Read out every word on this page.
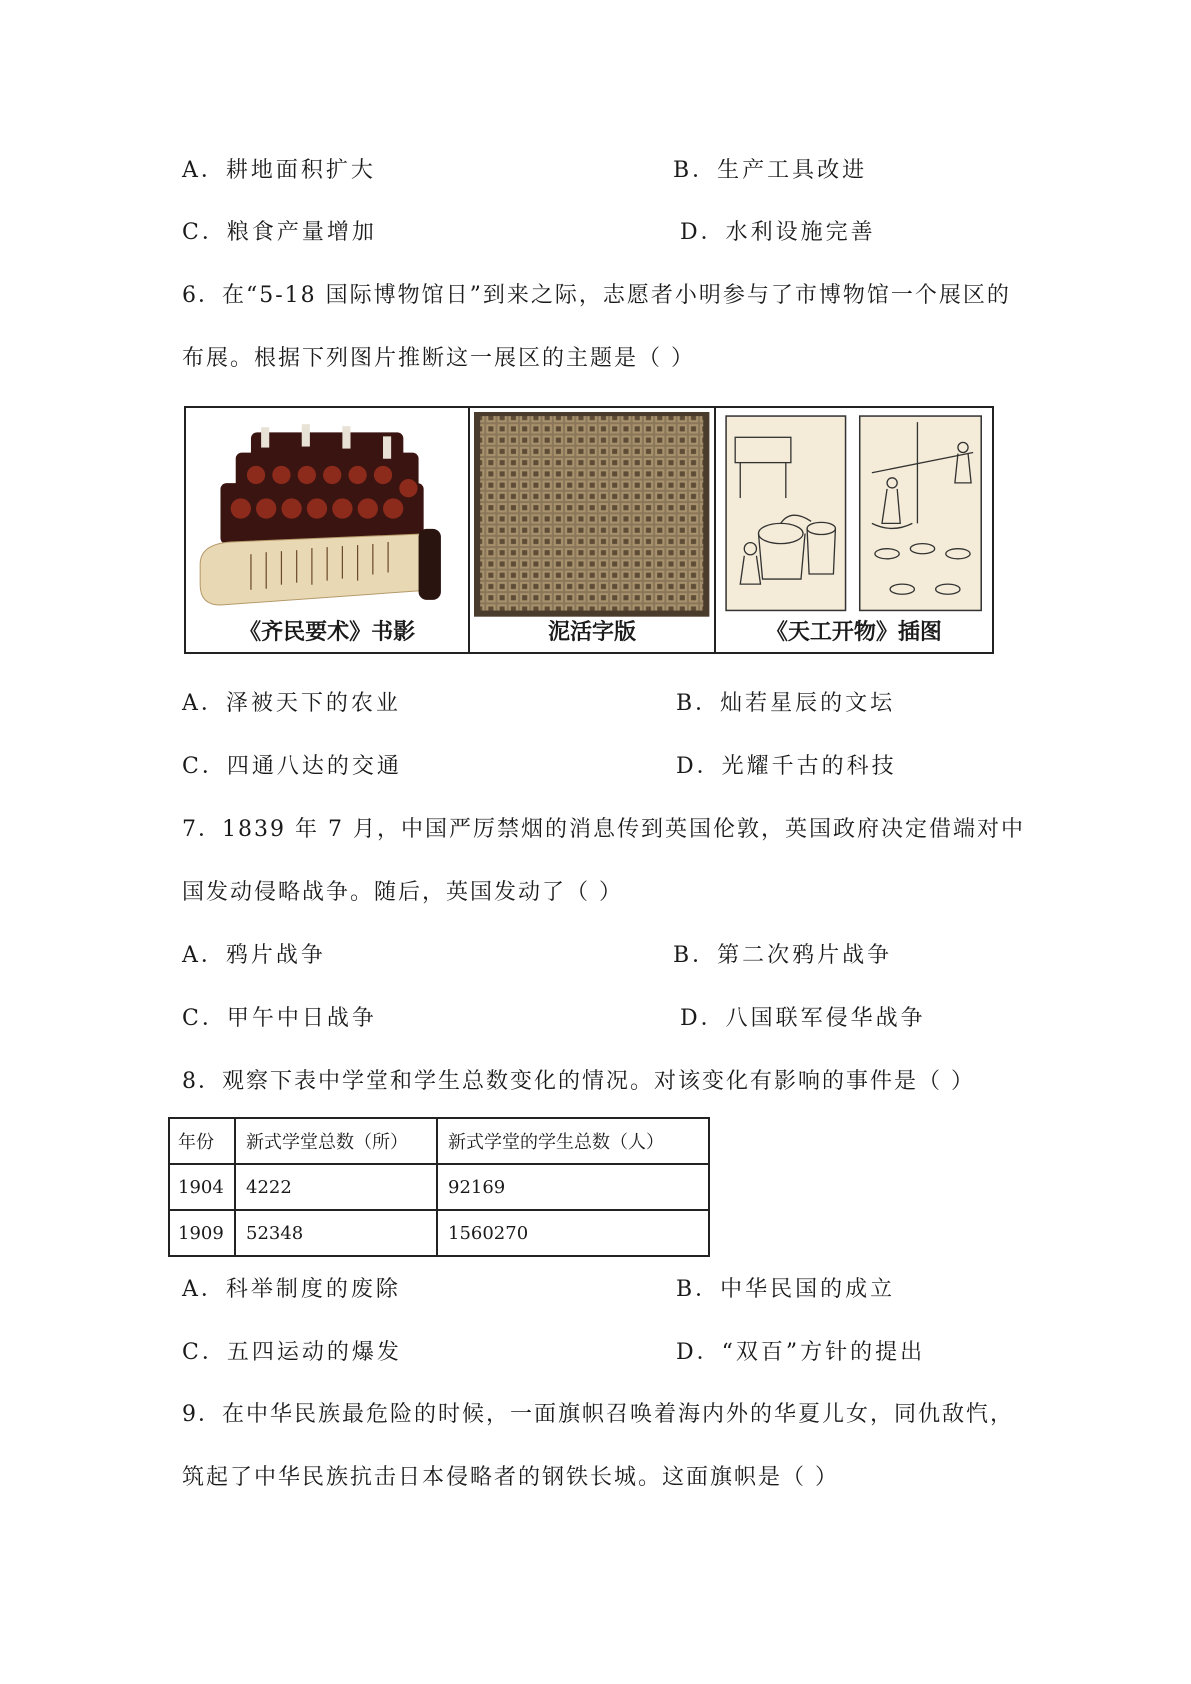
A．耕地面积扩大	B．生产工具改进
C．粮食产量增加	D．水利设施完善
6．在“5-18 国际博物馆日”到来之际，志愿者小明参与了市博物馆一个展区的
布展。根据下列图片推断这一展区的主题是（ ）
《齐民要术》书影	泥活字版	《天工开物》插图
A．泽被天下的农业	B．灿若星辰的文坛
C．四通八达的交通	D．光耀千古的科技
7．1839 年 7 月，中国严厉禁烟的消息传到英国伦敦，英国政府决定借端对中
国发动侵略战争。随后，英国发动了（ ）
A．鸦片战争	B．第二次鸦片战争
C．甲午中日战争	D．八国联军侵华战争
8．观察下表中学堂和学生总数变化的情况。对该变化有影响的事件是（ ）
年份	新式学堂总数（所）	新式学堂的学生总数（人）
1904	4222	92169
1909	52348	1560270
A．科举制度的废除	B．中华民国的成立
C．五四运动的爆发	D．“双百”方针的提出
9．在中华民族最危险的时候，一面旗帜召唤着海内外的华夏儿女，同仇敌忾，
筑起了中华民族抗击日本侵略者的钢铁长城。这面旗帜是（ ）
